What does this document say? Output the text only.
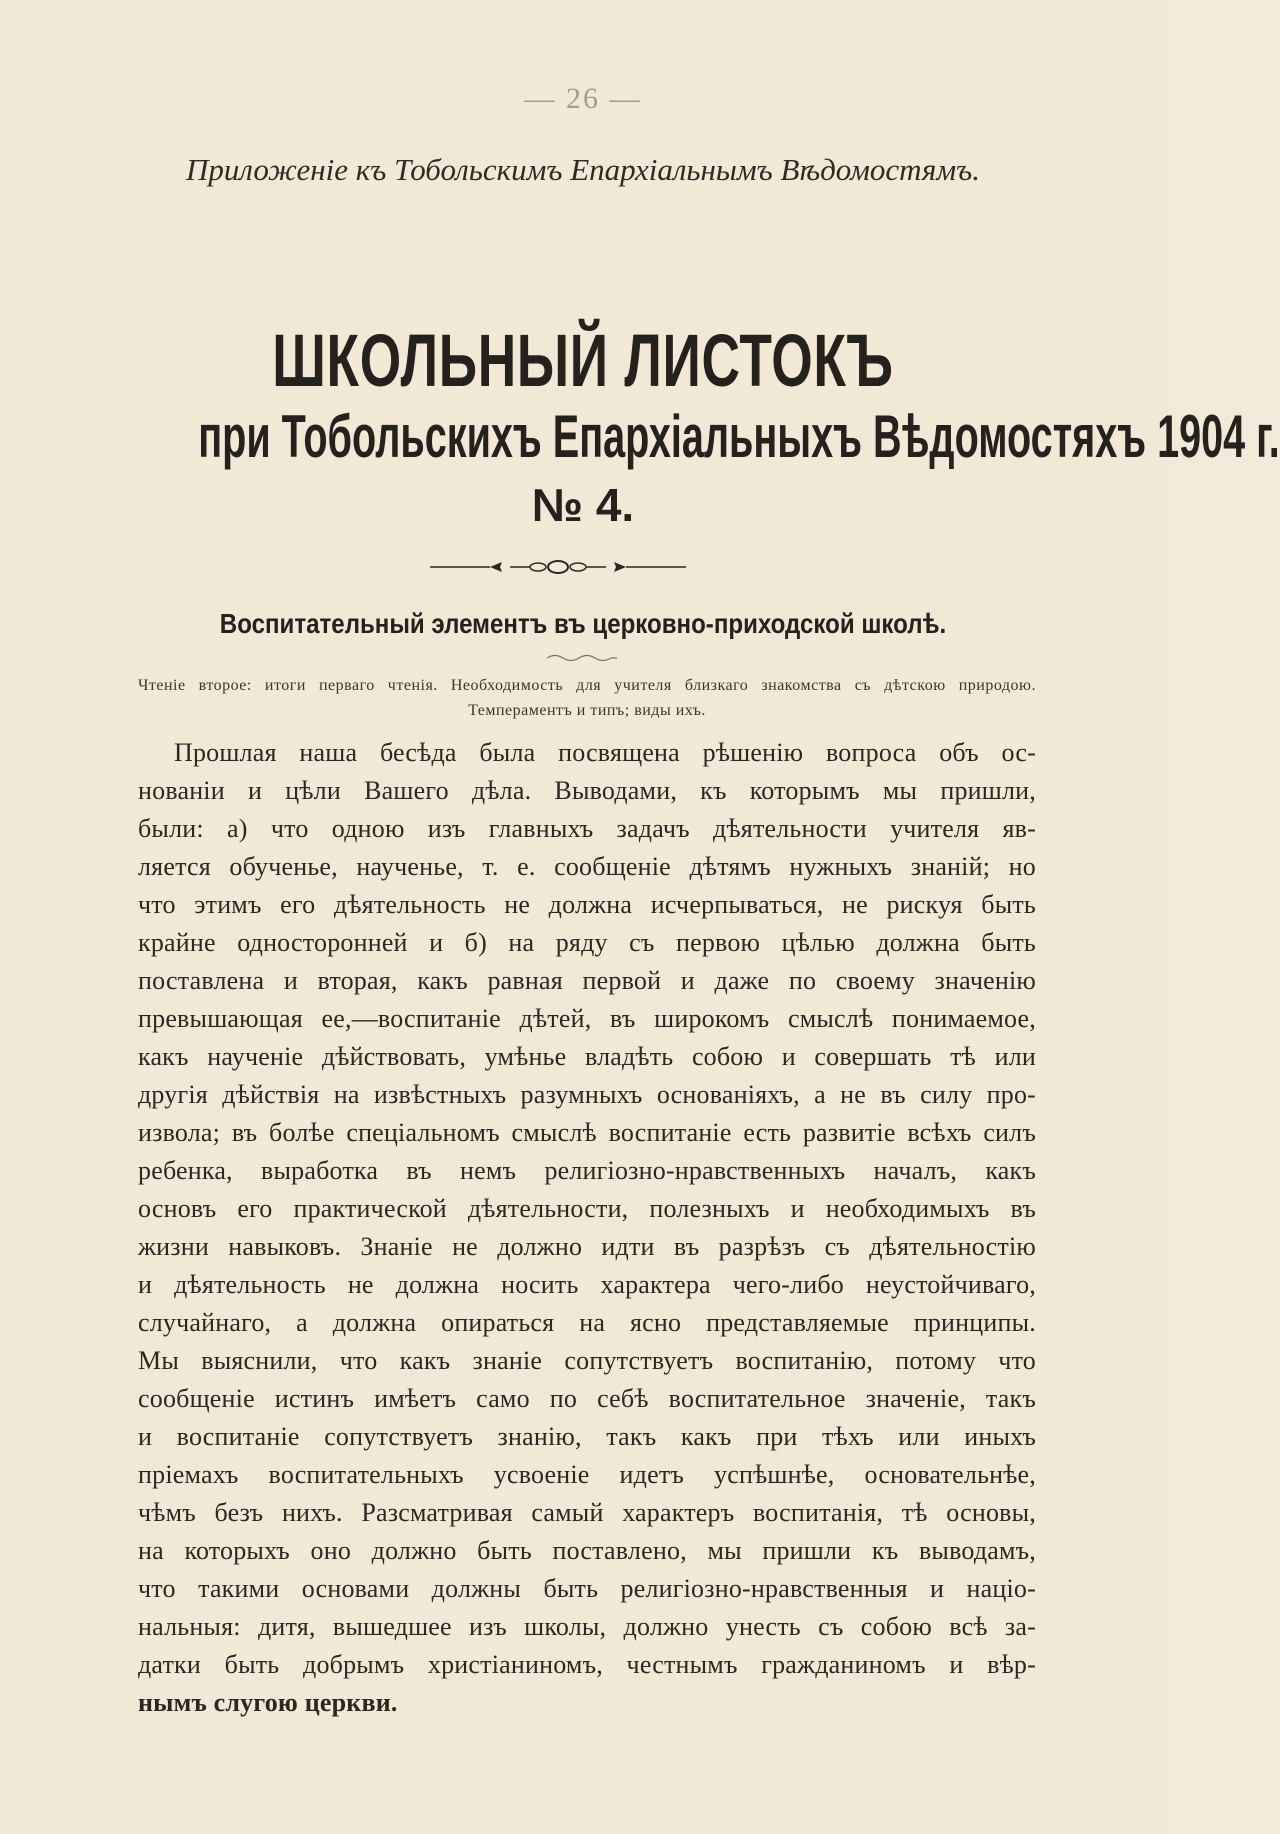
— 26 —
Приложеніе къ Тобольскимъ Епархіальнымъ Вѣдомостямъ.
ШКОЛЬНЫЙ ЛИСТОКЪ
при Тобольскихъ Епархіальныхъ Вѣдомостяхъ 1904 г.
№ 4.
Воспитательный элементъ въ церковно-приходской школѣ.
Чтеніе второе: итоги перваго чтенія. Необходимость для учителя близкаго знакомства съ дѣтскою природою. Темпераментъ и типъ; виды ихъ.
Прошлая наша бесѣда была посвящена рѣшенію вопроса объ ос-
нованіи и цѣли Вашего дѣла. Выводами, къ которымъ мы пришли,
были: а) что одною изъ главныхъ задачъ дѣятельности учителя яв-
ляется обученье, наученье, т. е. сообщеніе дѣтямъ нужныхъ знаній; но
что этимъ его дѣятельность не должна исчерпываться, не рискуя быть
крайне односторонней и б) на ряду съ первою цѣлью должна быть
поставлена и вторая, какъ равная первой и даже по своему значенію
превышающая ее,—воспитаніе дѣтей, въ широкомъ смыслѣ понимаемое,
какъ наученіе дѣйствовать, умѣнье владѣть собою и совершать тѣ или
другія дѣйствія на извѣстныхъ разумныхъ основаніяхъ, а не въ силу про-
извола; въ болѣе спеціальномъ смыслѣ воспитаніе есть развитіе всѣхъ силъ
ребенка, выработка въ немъ религіозно-нравственныхъ началъ, какъ
основъ его практической дѣятельности, полезныхъ и необходимыхъ въ
жизни навыковъ. Знаніе не должно идти въ разрѣзъ съ дѣятельностію
и дѣятельность не должна носить характера чего-либо неустойчиваго,
случайнаго, а должна опираться на ясно представляемые принципы.
Мы выяснили, что какъ знаніе сопутствуетъ воспитанію, потому что
сообщеніе истинъ имѣетъ само по себѣ воспитательное значеніе, такъ
и воспитаніе сопутствуетъ знанію, такъ какъ при тѣхъ или иныхъ
пріемахъ воспитательныхъ усвоеніе идетъ успѣшнѣе, основательнѣе,
чѣмъ безъ нихъ. Разсматривая самый характеръ воспитанія, тѣ основы,
на которыхъ оно должно быть поставлено, мы пришли къ выводамъ,
что такими основами должны быть религіозно-нравственныя и націо-
нальныя: дитя, вышедшее изъ школы, должно унесть съ собою всѣ за-
датки быть добрымъ христіаниномъ, честнымъ гражданиномъ и вѣр-
нымъ слугою церкви.
